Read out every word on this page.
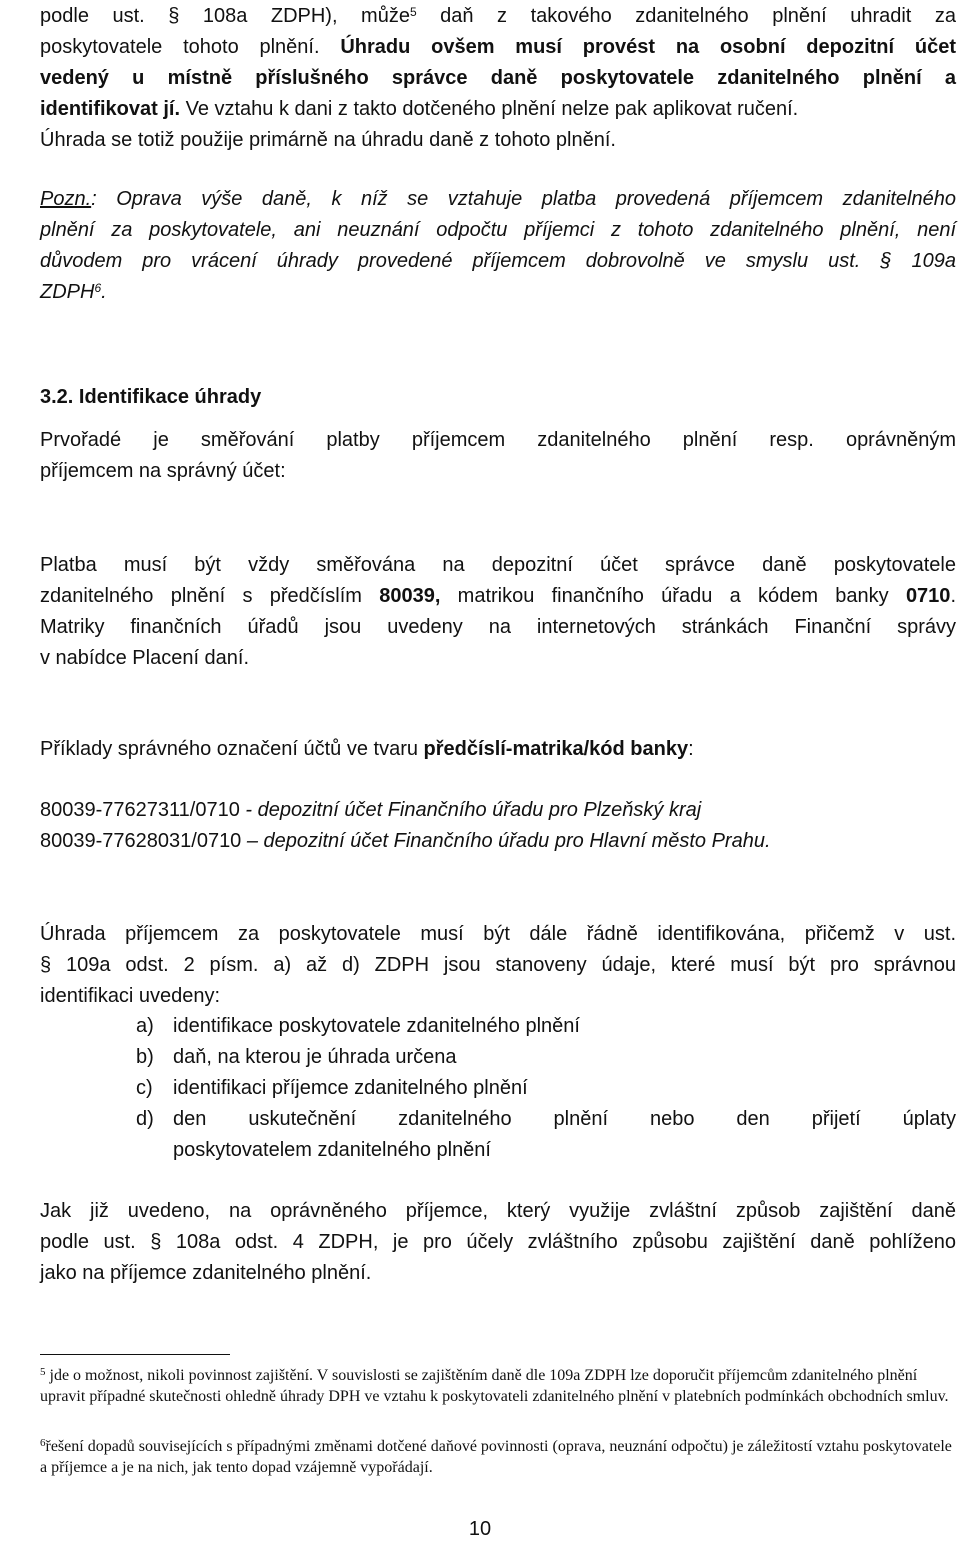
podle ust. § 108a ZDPH), může$^5$ daň z takového zdanitelného plnění uhradit za
poskytovatele tohoto plnění. Úhradu ovšem musí provést na osobní depozitní účet
vedený u místně příslušného správce daně poskytovatele zdanitelného plnění a
identifikovat jí. Ve vztahu k dani z takto dotčeného plnění nelze pak aplikovat ručení.
Úhrada se totiž použije primárně na úhradu daně z tohoto plnění.
Pozn.: Oprava výše daně, k níž se vztahuje platba provedená příjemcem zdanitelného
plnění za poskytovatele, ani neuznání odpočtu příjemci z tohoto zdanitelného plnění, není
důvodem pro vrácení úhrady provedené příjemcem dobrovolně ve smyslu ust. § 109a
ZDPH$^6$.
3.2. Identifikace úhrady
Prvořadé je směřování platby příjemcem zdanitelného plnění resp. oprávněným
příjemcem na správný účet:
Platba musí být vždy směřována na depozitní účet správce daně poskytovatele
zdanitelného plnění s předčíslím 80039, matrikou finančního úřadu a kódem banky 0710.
Matriky finančních úřadů jsou uvedeny na internetových stránkách Finanční správy
v nabídce Placení daní.
Příklady správného označení účtů ve tvaru předčíslí-matrika/kód banky:
80039-77627311/0710 - depozitní účet Finančního úřadu pro Plzeňský kraj
80039-77628031/0710 – depozitní účet Finančního úřadu pro Hlavní město Prahu.
Úhrada příjemcem za poskytovatele musí být dále řádně identifikována, přičemž v ust.
§ 109a odst. 2 písm. a) až d) ZDPH jsou stanoveny údaje, které musí být pro správnou
identifikaci uvedeny:
a) identifikace poskytovatele zdanitelného plnění
b) daň, na kterou je úhrada určena
c) identifikaci příjemce zdanitelného plnění
d) den uskutečnění zdanitelného plnění nebo den přijetí úplaty
poskytovatelem zdanitelného plnění
Jak již uvedeno, na oprávněného příjemce, který využije zvláštní způsob zajištění daně
podle ust. § 108a odst. 4 ZDPH, je pro účely zvláštního způsobu zajištění daně pohlíženo
jako na příjemce zdanitelného plnění.
$^5$ jde o možnost, nikoli povinnost zajištění. V souvislosti se zajištěním daně dle 109a ZDPH lze doporučit příjemcům zdanitelného plnění upravit případné skutečnosti ohledně úhrady DPH ve vztahu k poskytovateli zdanitelného plnění v platebních podmínkách obchodních smluv.
$^6$řešení dopadů souvisejících s případnými změnami dotčené daňové povinnosti (oprava, neuznání odpočtu) je záležitostí vztahu poskytovatele a příjemce a je na nich, jak tento dopad vzájemně vypořádají.
10
